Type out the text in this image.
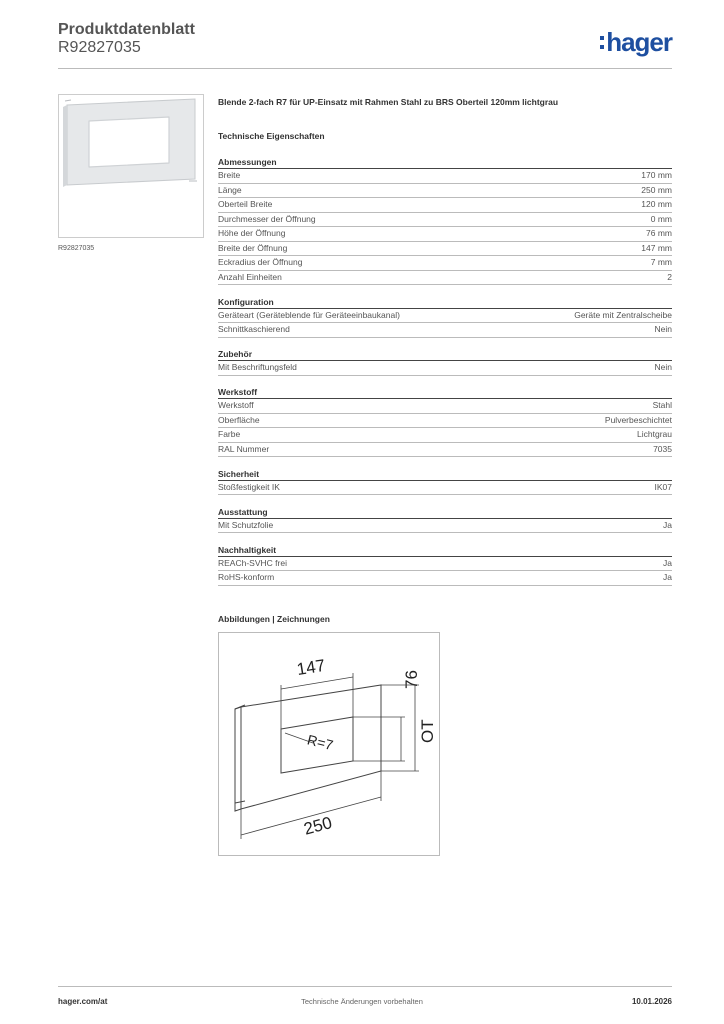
Produktdatenblatt
R92827035	hager
R92827035
Blende 2-fach R7 für UP-Einsatz mit Rahmen Stahl zu BRS Oberteil 120mm lichtgrau
Technische Eigenschaften
Abmessungen
Breite	170 mm
Länge	250 mm
Oberteil Breite	120 mm
Durchmesser der Öffnung	0 mm
Höhe der Öffnung	76 mm
Breite der Öffnung	147 mm
Eckradius der Öffnung	7 mm
Anzahl Einheiten	2
Konfiguration
Geräteart (Geräteblende für Geräteeinbaukanal)	Geräte mit Zentralscheibe
Schnittkaschierend	Nein
Zubehör
Mit Beschriftungsfeld	Nein
Werkstoff
Werkstoff	Stahl
Oberfläche	Pulverbeschichtet
Farbe	Lichtgrau
RAL Nummer	7035
Sicherheit
Stoßfestigkeit IK	IK07
Ausstattung
Mit Schutzfolie	Ja
Nachhaltigkeit
REACh-SVHC frei	Ja
RoHS-konform	Ja
Abbildungen | Zeichnungen
147
76
OT
R=7
250
hager.com/at	Technische Änderungen vorbehalten	10.01.2026
